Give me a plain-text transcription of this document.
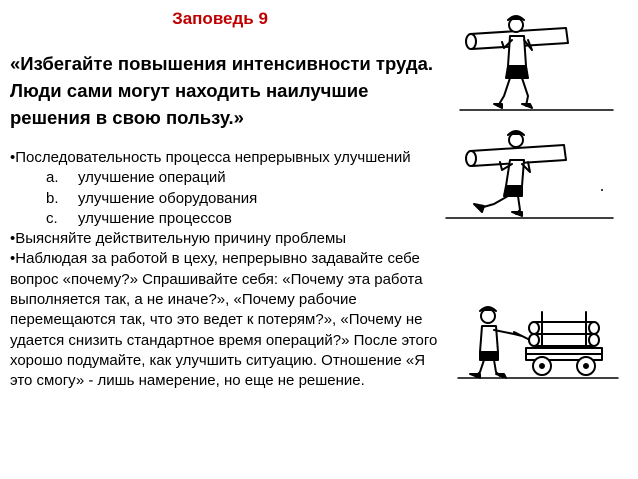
Заповедь 9
«Избегайте повышения интенсивности труда. Люди сами могут находить наилучшие решения в свою пользу.»

•Последовательность процесса непрерывных улучшений

a. улучшение операций

b. улучшение оборудования

c. улучшение процессов

•Выясняйте действительную причину проблемы

•Наблюдая за работой в цеху, непрерывно задавайте себе вопрос «почему?» Спрашивайте себя: «Почему эта работа выполняется так, а не иначе?», «Почему рабочие перемещаются так, что это ведет к потерям?», «Почему не удается снизить стандартное время операций?» После этого хорошо подумайте, как улучшить ситуацию. Отношение «Я это смогу» - лишь намерение, но еще не решение.
